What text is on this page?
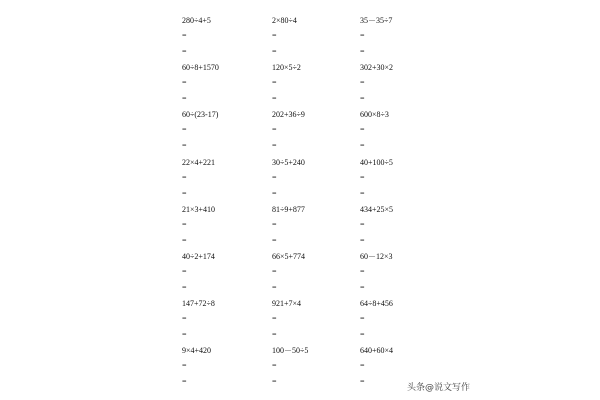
280÷4+5
=
=
60÷8+1570
=
=
60÷(23-17)
=
=
22×4+221
=
=
21×3+410
=
=
40÷2+174
=
=
147+72÷8
=
=
9×4+420
=
=
2×80÷4
=
=
120×5÷2
=
=
202+36÷9
=
=
30÷5+240
=
=
81÷9+877
=
=
66×5+774
=
=
921+7×4
=
=
100－50÷5
=
=
35－35÷7
=
=
302+30×2
=
=
600×8÷3
=
=
40+100÷5
=
=
434+25×5
=
=
60－12×3
=
=
64÷8+456
=
=
640+60×4
=
=
头条@说文写作
